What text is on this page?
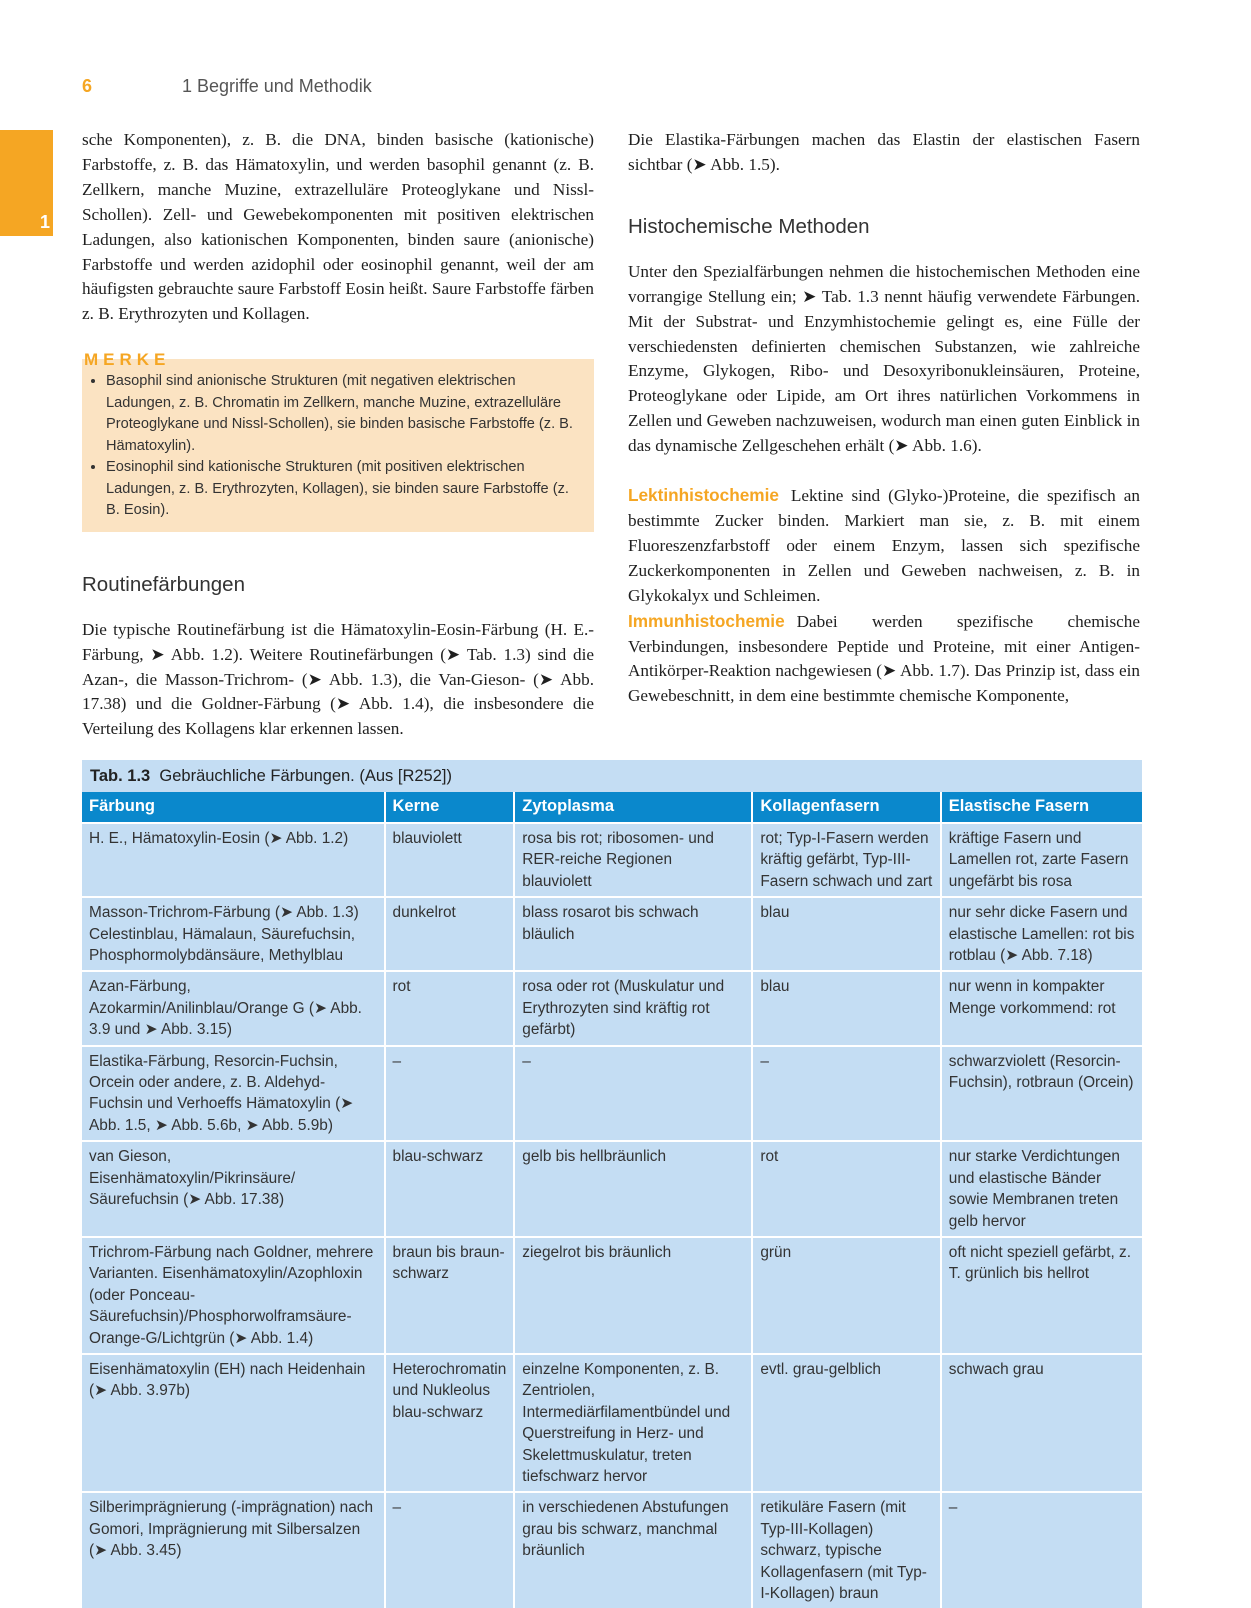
1
6	1 Begriffe und Methodik

sche Komponenten), z. B. die DNA, binden basische (kationische) Farbstoffe, z. B. das Hämatoxylin, und werden basophil genannt (z. B. Zellkern, manche Muzine, extrazelluläre Proteoglykane und Nissl-Schollen). Zell- und Gewebekomponenten mit positiven elektrischen Ladungen, also kationischen Komponenten, binden saure (anionische) Farbstoffe und werden azidophil oder eosinophil genannt, weil der am häufigsten gebrauchte saure Farbstoff Eosin heißt. Saure Farbstoffe färben z. B. Erythrozyten und Kollagen.

MERKE
• Basophil sind anionische Strukturen (mit negativen elektrischen Ladungen, z. B. Chromatin im Zellkern, manche Muzine, extrazelluläre Proteoglykane und Nissl-Schollen), sie binden basische Farbstoffe (z. B. Hämatoxylin).
• Eosinophil sind kationische Strukturen (mit positiven elektrischen Ladungen, z. B. Erythrozyten, Kollagen), sie binden saure Farbstoffe (z. B. Eosin).
Routinefärbungen

Die typische Routinefärbung ist die Hämatoxylin-Eosin-Färbung (H. E.-Färbung, ➤ Abb. 1.2). Weitere Routinefärbungen (➤ Tab. 1.3) sind die Azan-, die Masson-Trichrom- (➤ Abb. 1.3), die Van-Gieson- (➤ Abb. 17.38) und die Goldner-Färbung (➤ Abb. 1.4), die insbesondere die Verteilung des Kollagens klar erkennen lassen.

Die Elastika-Färbungen machen das Elastin der elastischen Fasern sichtbar (➤ Abb. 1.5).

Histochemische Methoden

Unter den Spezialfärbungen nehmen die histochemischen Methoden eine vorrangige Stellung ein; ➤ Tab. 1.3 nennt häufig verwendete Färbungen. Mit der Substrat- und Enzymhistochemie gelingt es, eine Fülle der verschiedensten definierten chemischen Substanzen, wie zahlreiche Enzyme, Glykogen, Ribo- und Desoxyribonukleinsäuren, Proteine, Proteoglykane oder Lipide, am Ort ihres natürlichen Vorkommens in Zellen und Geweben nachzuweisen, wodurch man einen guten Einblick in das dynamische Zellgeschehen erhält (➤ Abb. 1.6).

Lektinhistochemie Lektine sind (Glyko-)Proteine, die spezifisch an bestimmte Zucker binden. Markiert man sie, z. B. mit einem Fluoreszenzfarbstoff oder einem Enzym, lassen sich spezifische Zuckerkomponenten in Zellen und Geweben nachweisen, z. B. in Glykokalyx und Schleimen.

Immunhistochemie Dabei werden spezifische chemische Verbindungen, insbesondere Peptide und Proteine, mit einer Antigen-Antikörper-Reaktion nachgewiesen (➤ Abb. 1.7). Das Prinzip ist, dass ein Gewebeschnitt, in dem eine bestimmte chemische Komponente,

Tab. 1.3 Gebräuchliche Färbungen. (Aus [R252])
Färbung	Kerne	Zytoplasma	Kollagenfasern	Elastische Fasern
H. E., Hämatoxylin-Eosin (➤ Abb. 1.2)	blauviolett	rosa bis rot; ribosomen- und RER-reiche Regionen blauviolett	rot; Typ-I-Fasern werden kräftig gefärbt, Typ-III-Fasern schwach und zart	kräftige Fasern und Lamellen rot, zarte Fasern ungefärbt bis rosa
Masson-Trichrom-Färbung (➤ Abb. 1.3) Celestinblau, Hämalaun, Säurefuchsin, Phosphormolybdänsäure, Methylblau	dunkelrot	blass rosarot bis schwach bläulich	blau	nur sehr dicke Fasern und elastische Lamellen: rot bis rotblau (➤ Abb. 7.18)
Azan-Färbung, Azokarmin/Anilinblau/Orange G (➤ Abb. 3.9 und ➤ Abb. 3.15)	rot	rosa oder rot (Muskulatur und Erythrozyten sind kräftig rot gefärbt)	blau	nur wenn in kompakter Menge vorkommend: rot
Elastika-Färbung, Resorcin-Fuchsin, Orcein oder andere, z. B. Aldehyd-Fuchsin und Verhoeffs Hämatoxylin (➤ Abb. 1.5, ➤ Abb. 5.6b, ➤ Abb. 5.9b)	–	–	–	schwarzviolett (Resorcin-Fuchsin), rotbraun (Orcein)
van Gieson, Eisenhämatoxylin/Pikrinsäure/ Säurefuchsin (➤ Abb. 17.38)	blau-schwarz	gelb bis hellbräunlich	rot	nur starke Verdichtungen und elastische Bänder sowie Membranen treten gelb hervor
Trichrom-Färbung nach Goldner, mehrere Varianten. Eisenhämatoxylin/Azophloxin (oder Ponceau-Säurefuchsin)/Phosphorwolframsäure-Orange-G/Lichtgrün (➤ Abb. 1.4)	braun bis braun-schwarz	ziegelrot bis bräunlich	grün	oft nicht speziell gefärbt, z. T. grünlich bis hellrot
Eisenhämatoxylin (EH) nach Heidenhain (➤ Abb. 3.97b)	Heterochromatin und Nukleolus blau-schwarz	einzelne Komponenten, z. B. Zentriolen, Intermediärfilamentbündel und Querstreifung in Herz- und Skelettmuskulatur, treten tiefschwarz hervor	evtl. grau-gelblich	schwach grau
Silberimprägnierung (-imprägnation) nach Gomori, Imprägnierung mit Silbersalzen (➤ Abb. 3.45)	–	in verschiedenen Abstufungen grau bis schwarz, manchmal bräunlich	retikuläre Fasern (mit Typ-III-Kollagen) schwarz, typische Kollagenfasern (mit Typ-I-Kollagen) braun	–
